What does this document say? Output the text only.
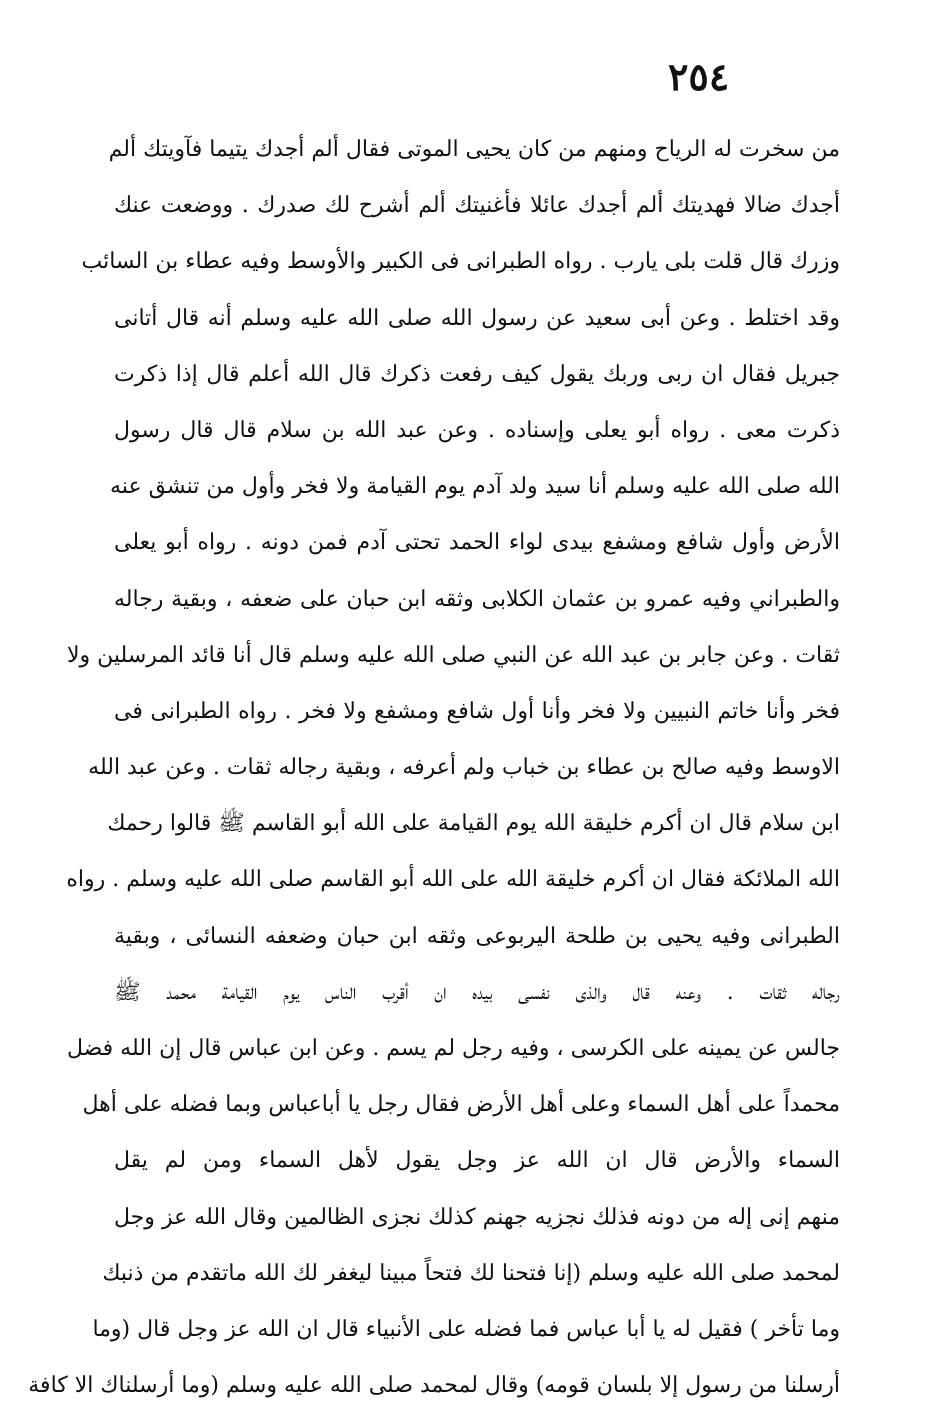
٢٥٤
من سخرت له الرياح ومنهم من كان يحيى الموتى فقال ألم أجدك يتيما فآويتك ألم
أجدك ضالا فهديتك ألم أجدك عائلا فأغنيتك ألم أشرح لك صدرك . ووضعت عنك
وزرك قال قلت بلى يارب . رواه الطبرانى فى الكبير والأوسط وفيه عطاء بن السائب
وقد اختلط . وعن أبى سعيد عن رسول الله صلى الله عليه وسلم أنه قال أتانى
جبريل فقال ان ربى وربك يقول كيف رفعت ذكرك قال الله أعلم قال إذا ذكرت
ذكرت معى . رواه أبو يعلى وإسناده . وعن عبد الله بن سلام قال قال رسول
الله صلى الله عليه وسلم أنا سيد ولد آدم يوم القيامة ولا فخر وأول من تنشق عنه
الأرض وأول شافع ومشفع بيدى لواء الحمد تحتى آدم فمن دونه . رواه أبو يعلى
والطبراني وفيه عمرو بن عثمان الكلابى وثقه ابن حبان على ضعفه ، وبقية رجاله
ثقات . وعن جابر بن عبد الله عن النبي صلى الله عليه وسلم قال أنا قائد المرسلين ولا
فخر وأنا خاتم النبيين ولا فخر وأنا أول شافع ومشفع ولا فخر . رواه الطبرانى فى
الاوسط وفيه صالح بن عطاء بن خباب ولم أعرفه ، وبقية رجاله ثقات . وعن عبد الله
ابن سلام قال ان أكرم خليقة الله يوم القيامة على الله أبو القاسم ﷺ قالوا رحمك
الله الملائكة فقال ان أكرم خليقة الله على الله أبو القاسم صلى الله عليه وسلم . رواه
الطبرانى وفيه يحيى بن طلحة اليربوعى وثقه ابن حبان وضعفه النسائى ، وبقية
رجاله ثقات . وعنه قال والذى نفسى بيده ان أقرب الناس يوم القيامة محمد ﷺ
جالس عن يمينه على الكرسى ، وفيه رجل لم يسم . وعن ابن عباس قال إن الله فضل
محمداً على أهل السماء وعلى أهل الأرض فقال رجل يا أباعباس وبما فضله على أهل
السماء والأرض قال ان الله عز وجل يقول لأهل السماء ومن لم يقل
منهم إنى إله من دونه فذلك نجزيه جهنم كذلك نجزى الظالمين وقال الله عز وجل
لمحمد صلى الله عليه وسلم (إنا فتحنا لك فتحاً مبينا ليغفر لك الله ماتقدم من ذنبك
وما تأخر ) فقيل له يا أبا عباس فما فضله على الأنبياء قال ان الله عز وجل قال (وما
أرسلنا من رسول إلا بلسان قومه) وقال لمحمد صلى الله عليه وسلم (وما أرسلناك الا كافة
